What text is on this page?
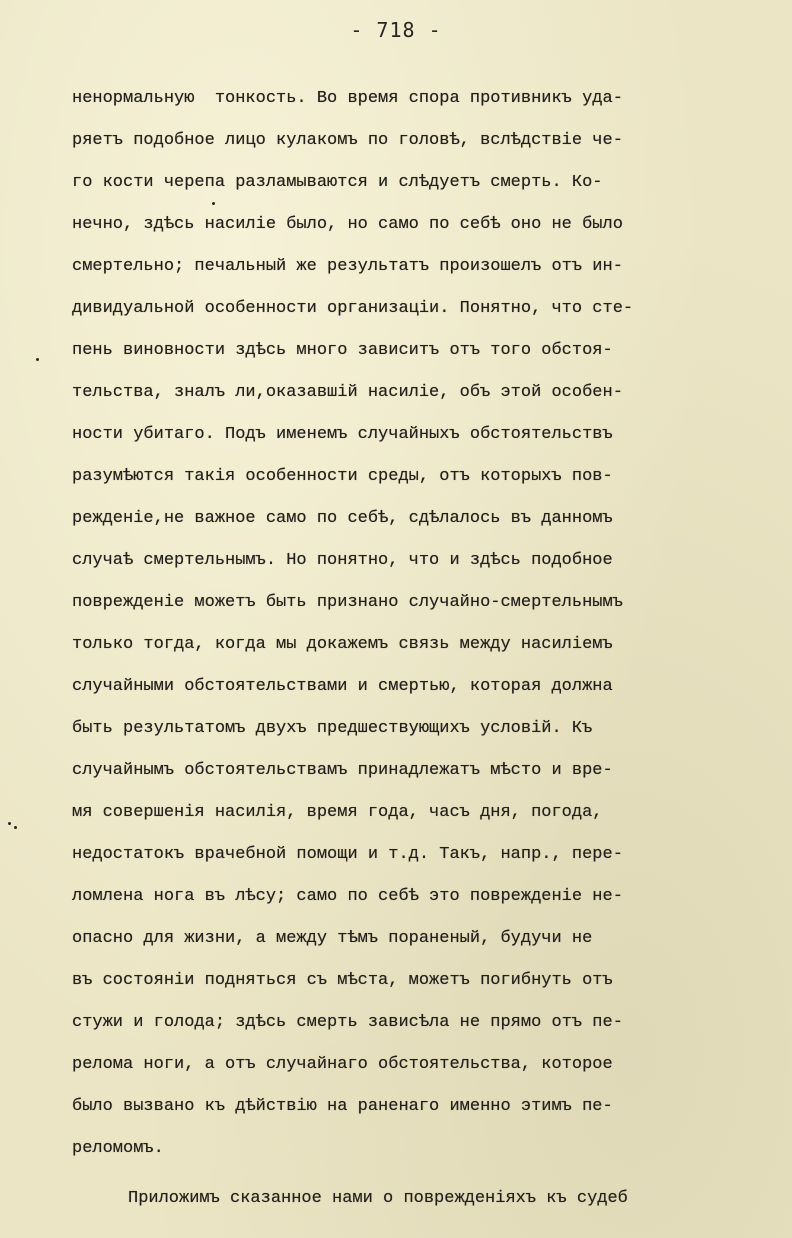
- 718 -
ненормальную  тонкость. Во время спора противникъ уда-
ряетъ подобное лицо кулакомъ по головѣ, вслѣдствіе че-
го кости черепа разламываются и слѣдуетъ смерть. Ко-
нечно, здѣсь насиліе было, но само по себѣ оно не было
смертельно; печальный же результатъ произошелъ отъ ин-
дивидуальной особенности организаціи. Понятно, что сте-
пень виновности здѣсь много зависитъ отъ того обстоя-
тельства, зналъ ли,оказавшій насиліе, объ этой особен-
ности убитаго. Подъ именемъ случайныхъ обстоятельствъ
разумѣются такія особенности среды, отъ которыхъ пов-
режденіе,не важное само по себѣ, сдѣлалось въ данномъ
случаѣ смертельнымъ. Но понятно, что и здѣсь подобное
поврежденіе можетъ быть признано случайно-смертельнымъ
только тогда, когда мы докажемъ связь между насиліемъ
случайными обстоятельствами и смертью, которая должна
быть результатомъ двухъ предшествующихъ условій. Къ
случайнымъ обстоятельствамъ принадлежатъ мѣсто и вре-
мя совершенія насилія, время года, часъ дня, погода,
недостатокъ врачебной помощи и т.д. Такъ, напр., пере-
ломлена нога въ лѣсу; само по себѣ это поврежденіе не-
опасно для жизни, а между тѣмъ пораненый, будучи не
въ состояніи подняться съ мѣста, можетъ погибнуть отъ
стужи и голода; здѣсь смерть зависѣла не прямо отъ пе-
релома ноги, а отъ случайнаго обстоятельства, которое
было вызвано къ дѣйствію на раненаго именно этимъ пе-
реломомъ.
Приложимъ сказанное нами о поврежденіяхъ къ судеб
